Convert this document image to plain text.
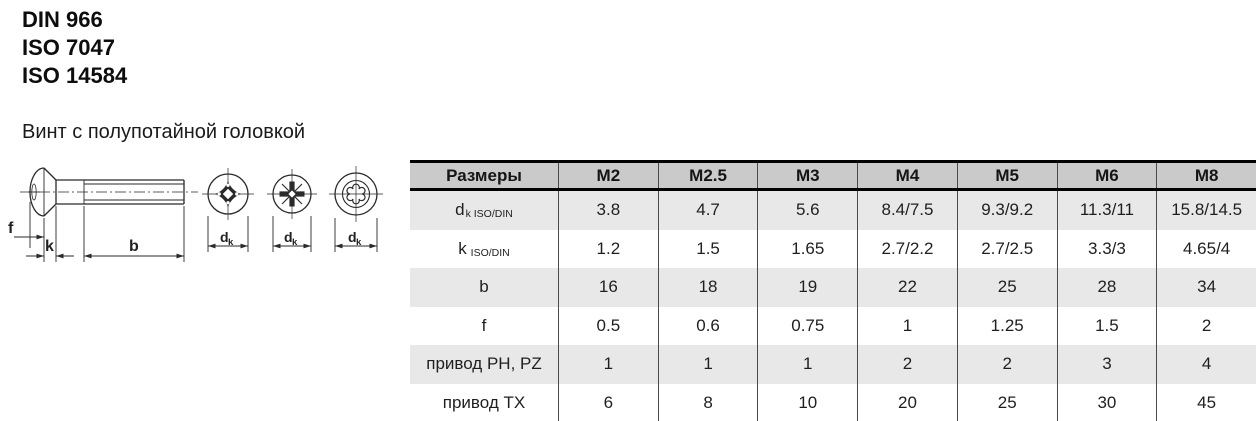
DIN 966
ISO 7047
ISO 14584
Винт с полупотайной головкой
f
k	b
d k	d k	d k
Размеры	M2	M2.5	M3	M4	M5	M6	M8
d k ISO/DIN	3.8	4.7	5.6	8.4/7.5	9.3/9.2	11.3/11	15.8/14.5
k ISO/DIN	1.2	1.5	1.65	2.7/2.2	2.7/2.5	3.3/3	4.65/4
b	16	18	19	22	25	28	34
f	0.5	0.6	0.75	1	1.25	1.5	2
привод PH, PZ	1	1	1	2	2	3	4
привод TX	6	8	10	20	25	30	45
